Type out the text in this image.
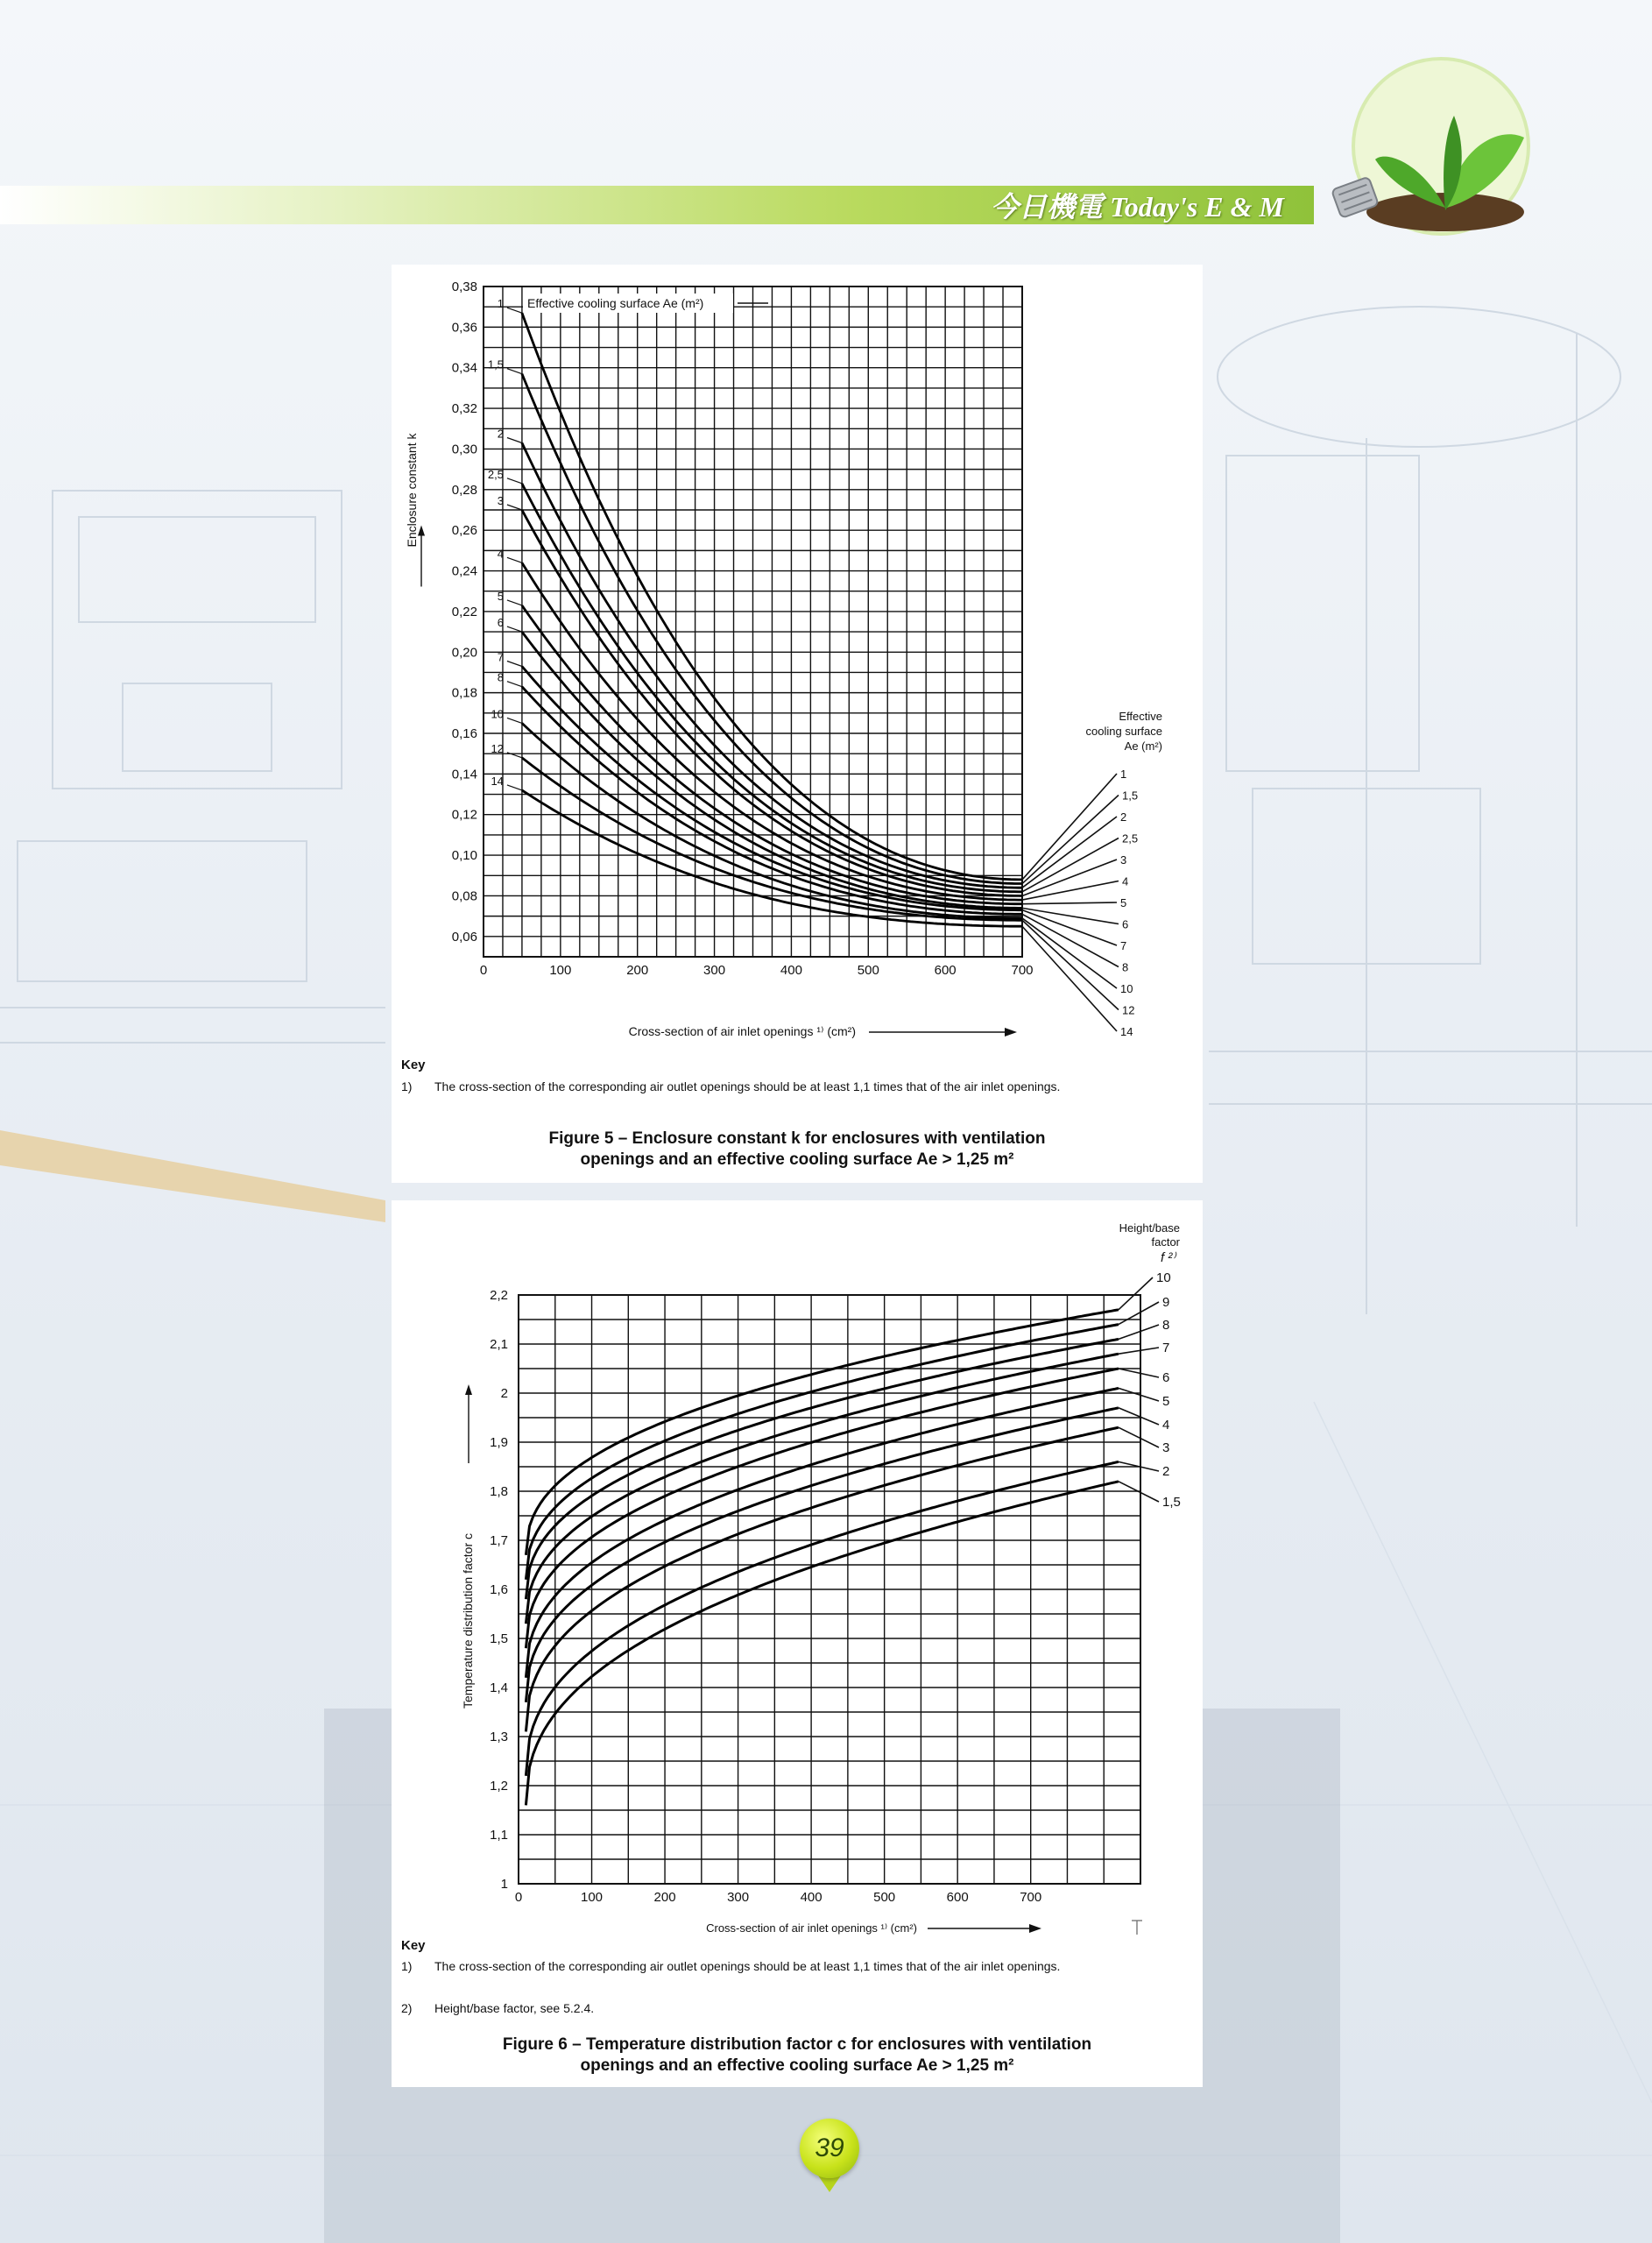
今日機電 Today's E & M
0,06
0,08
0,10
0,12
0,14
0,16
0,18
0,20
0,22
0,24
0,26
0,28
0,30
0,32
0,34
0,36
0,38
0	100	200	300	400	500	600	700
Enclosure constant k
Cross-section of air inlet openings ¹⁾ (cm²)
Effective cooling surface Ae (m²)
Effective
cooling surface
Ae (m²)
1
1
1,5
1,5
2
2
2,5
2,5
3
3
4
4
5
5
6
6
7
7
8
8
10
10
12
12
14
14
Key
1) The cross-section of the corresponding air outlet openings should be at least 1,1 times that of the air inlet openings.
Figure 5 – Enclosure constant k for enclosures with ventilation
openings and an effective cooling surface Ae > 1,25 m²
1
1,1
1,2
1,3
1,4
1,5
1,6
1,7
1,8
1,9
2
2,1
2,2
0	100	200	300	400	500	600	700
Temperature distribution factor c
Cross-section of air inlet openings ¹⁾ (cm²)
Height/base
factor
f ²⁾
10
9
8
7
6
5
4
3
2
1,5
Key
1) The cross-section of the corresponding air outlet openings should be at least 1,1 times that of the air inlet openings.
2) Height/base factor, see 5.2.4.
Figure 6 – Temperature distribution factor c for enclosures with ventilation
openings and an effective cooling surface Ae > 1,25 m²
39
